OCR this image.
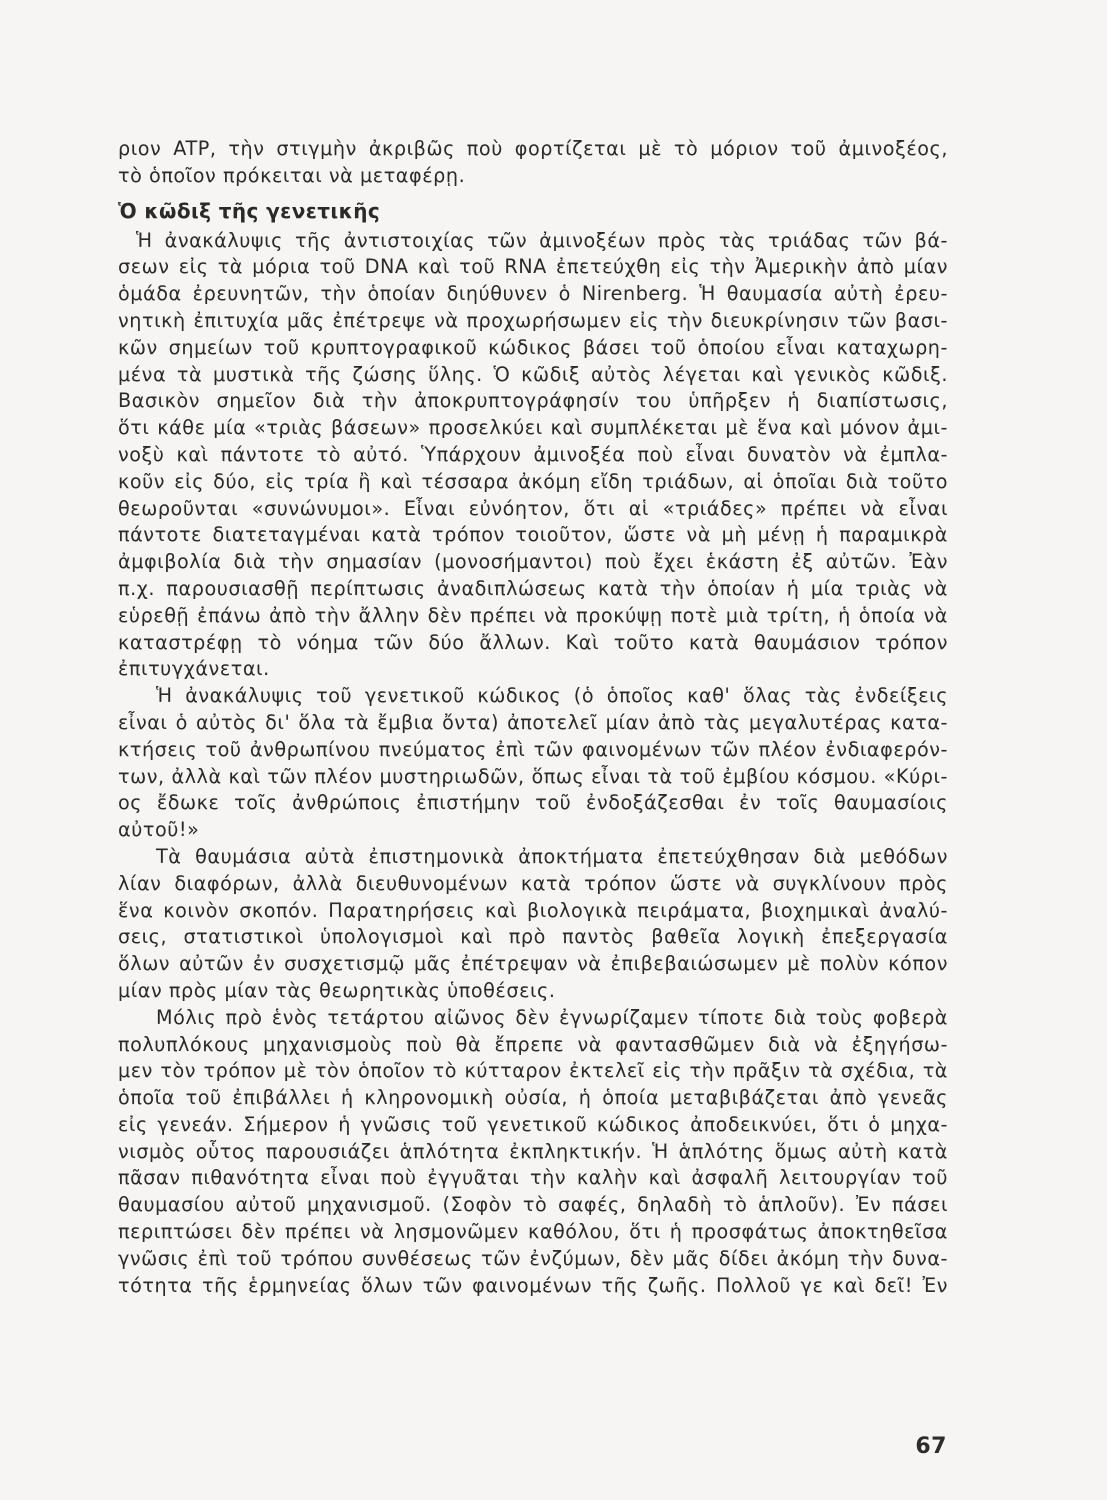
ριον ATP, τὴν στιγμὴν ἀκριβῶς ποὺ φορτίζεται μὲ τὸ μόριον τοῦ ἀμινοξέος,
τὸ ὁποῖον πρόκειται νὰ μεταφέρῃ.
Ὁ κῶδιξ τῆς γενετικῆς
Ἡ ἀνακάλυψις τῆς ἀντιστοιχίας τῶν ἀμινοξέων πρὸς τὰς τριάδας τῶν βά-
σεων εἰς τὰ μόρια τοῦ DNA καὶ τοῦ RNA ἐπετεύχθη εἰς τὴν Ἀμερικὴν ἀπὸ μίαν
ὁμάδα ἐρευνητῶν, τὴν ὁποίαν διηύθυνεν ὁ Nirenberg. Ἡ θαυμασία αὐτὴ ἐρευ-
νητικὴ ἐπιτυχία μᾶς ἐπέτρεψε νὰ προχωρήσωμεν εἰς τὴν διευκρίνησιν τῶν βασι-
κῶν σημείων τοῦ κρυπτογραφικοῦ κώδικος βάσει τοῦ ὁποίου εἶναι καταχωρη-
μένα τὰ μυστικὰ τῆς ζώσης ὕλης. Ὁ κῶδιξ αὐτὸς λέγεται καὶ γενικὸς κῶδιξ.
Βασικὸν σημεῖον διὰ τὴν ἀποκρυπτογράφησίν του ὑπῆρξεν ἡ διαπίστωσις,
ὅτι κάθε μία «τριὰς βάσεων» προσελκύει καὶ συμπλέκεται μὲ ἕνα καὶ μόνον ἀμι-
νοξὺ καὶ πάντοτε τὸ αὐτό. Ὑπάρχουν ἀμινοξέα ποὺ εἶναι δυνατὸν νὰ ἐμπλα-
κοῦν εἰς δύο, εἰς τρία ἢ καὶ τέσσαρα ἀκόμη εἴδη τριάδων, αἱ ὁποῖαι διὰ τοῦτο
θεωροῦνται «συνώνυμοι». Εἶναι εὐνόητον, ὅτι αἱ «τριάδες» πρέπει νὰ εἶναι
πάντοτε διατεταγμέναι κατὰ τρόπον τοιοῦτον, ὥστε νὰ μὴ μένῃ ἡ παραμικρὰ
ἀμφιβολία διὰ τὴν σημασίαν (μονοσήμαντοι) ποὺ ἔχει ἑκάστη ἐξ αὐτῶν. Ἐὰν
π.χ. παρουσιασθῇ περίπτωσις ἀναδιπλώσεως κατὰ τὴν ὁποίαν ἡ μία τριὰς νὰ
εὑρεθῇ ἐπάνω ἀπὸ τὴν ἄλλην δὲν πρέπει νὰ προκύψῃ ποτὲ μιὰ τρίτη, ἡ ὁποία νὰ
καταστρέφῃ τὸ νόημα τῶν δύο ἄλλων. Καὶ τοῦτο κατὰ θαυμάσιον τρόπον
ἐπιτυγχάνεται.
Ἡ ἀνακάλυψις τοῦ γενετικοῦ κώδικος (ὁ ὁποῖος καθ' ὅλας τὰς ἐνδείξεις
εἶναι ὁ αὐτὸς δι' ὅλα τὰ ἔμβια ὄντα) ἀποτελεῖ μίαν ἀπὸ τὰς μεγαλυτέρας κατα-
κτήσεις τοῦ ἀνθρωπίνου πνεύματος ἐπὶ τῶν φαινομένων τῶν πλέον ἐνδιαφερόν-
των, ἀλλὰ καὶ τῶν πλέον μυστηριωδῶν, ὅπως εἶναι τὰ τοῦ ἐμβίου κόσμου. «Κύρι-
ος ἔδωκε τοῖς ἀνθρώποις ἐπιστήμην τοῦ ἐνδοξάζεσθαι ἐν τοῖς θαυμασίοις
αὐτοῦ!»
Τὰ θαυμάσια αὐτὰ ἐπιστημονικὰ ἀποκτήματα ἐπετεύχθησαν διὰ μεθόδων
λίαν διαφόρων, ἀλλὰ διευθυνομένων κατὰ τρόπον ὥστε νὰ συγκλίνουν πρὸς
ἕνα κοινὸν σκοπόν. Παρατηρήσεις καὶ βιολογικὰ πειράματα, βιοχημικαὶ ἀναλύ-
σεις, στατιστικοὶ ὑπολογισμοὶ καὶ πρὸ παντὸς βαθεῖα λογικὴ ἐπεξεργασία
ὅλων αὐτῶν ἐν συσχετισμῷ μᾶς ἐπέτρεψαν νὰ ἐπιβεβαιώσωμεν μὲ πολὺν κόπον
μίαν πρὸς μίαν τὰς θεωρητικὰς ὑποθέσεις.
Μόλις πρὸ ἑνὸς τετάρτου αἰῶνος δὲν ἐγνωρίζαμεν τίποτε διὰ τοὺς φοβερὰ
πολυπλόκους μηχανισμοὺς ποὺ θὰ ἔπρεπε νὰ φαντασθῶμεν διὰ νὰ ἐξηγήσω-
μεν τὸν τρόπον μὲ τὸν ὁποῖον τὸ κύτταρον ἐκτελεῖ εἰς τὴν πρᾶξιν τὰ σχέδια, τὰ
ὁποῖα τοῦ ἐπιβάλλει ἡ κληρονομικὴ οὐσία, ἡ ὁποία μεταβιβάζεται ἀπὸ γενεᾶς
εἰς γενεάν. Σήμερον ἡ γνῶσις τοῦ γενετικοῦ κώδικος ἀποδεικνύει, ὅτι ὁ μηχα-
νισμὸς οὗτος παρουσιάζει ἁπλότητα ἐκπληκτικήν. Ἡ ἁπλότης ὅμως αὐτὴ κατὰ
πᾶσαν πιθανότητα εἶναι ποὺ ἐγγυᾶται τὴν καλὴν καὶ ἀσφαλῆ λειτουργίαν τοῦ
θαυμασίου αὐτοῦ μηχανισμοῦ. (Σοφὸν τὸ σαφές, δηλαδὴ τὸ ἁπλοῦν). Ἐν πάσει
περιπτώσει δὲν πρέπει νὰ λησμονῶμεν καθόλου, ὅτι ἡ προσφάτως ἀποκτηθεῖσα
γνῶσις ἐπὶ τοῦ τρόπου συνθέσεως τῶν ἐνζύμων, δὲν μᾶς δίδει ἀκόμη τὴν δυνα-
τότητα τῆς ἑρμηνείας ὅλων τῶν φαινομένων τῆς ζωῆς. Πολλοῦ γε καὶ δεῖ! Ἐν
67
